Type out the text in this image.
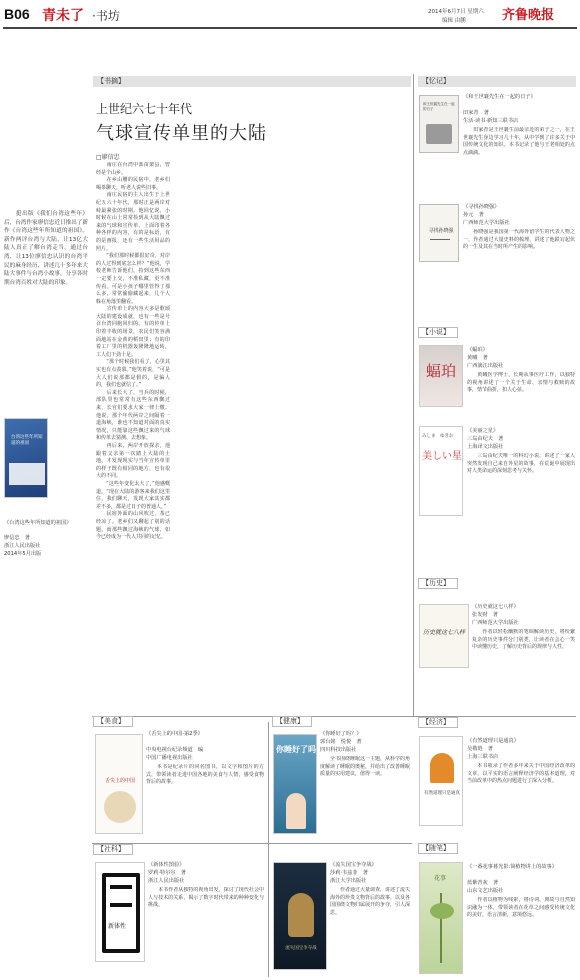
B06 青未了 ·书坊	2014年6月7日 星期六
编辑 由鹏	齐鲁晚报
　　挺出版《我们台湾这些年》后，台湾作家廖信忠近日推出了新作《台湾这些年所知道的祖国》。新作两评台湾与大陆，让13亿大陆人真正了解台湾走当。通过台湾，让13位廖信忠认识的台湾平民的麻身经历，讲述几十多年来大陆大事件与台湾小故事，分享各时期台湾百姓对大陆的印象。
台湾这些年所知道的祖国
《台湾这些年所知道的祖国》
廖信忠　著
浙江人民出版社
2014年5月出版
【书摘】
上世纪六七十年代
气球宣传单里的大陆
□廖信忠

　　南庄在台湾中部苗栗县，曾经是个山乡。

　　在乡山腰的民宿中，老乡们喝茶聊天，听老人说些旧事。

　　南庄民宿的主人出生于上世纪五六十年代，那时正是两岸对峙最紧张的时期。他回忆说，小时候在山上常常捡到从大陆飘过来的气球和宣传单，上面印着各种各样的内容，有的是标语，有的是画报，还有一些生活用品的照片。

　　“我们那时候都很好奇，对岸的人过得到底怎么样？”他说，学校老师告诉他们，捡到这些东西一定要上交，不准私藏，更不准传看。可是小孩子哪里管得了那么多，常常偷偷藏起来，几个人躲在角落里翻看。

　　宣传单上的内容大多是歌颂大陆的建设成就，也有一些是号召台湾同胞回归的。有的传单上印着丰收的场景，农民们笑容满面地站在金黄的稻田里；有的印着工厂里的机器轰隆隆地运转，工人们干劲十足。

　　“那个时候我们看了，心里其实也有点羡慕。”他笑着说，“可是大人们说那都是假的，是骗人的，我们也就信了。”

　　后来长大了，当兵的时候，部队里也常常有这些东西飘过来，长官们要求大家一律上缴。他说，那个年代两岸之间隔着一道海峡，谁也不知道对面的真实情况，只能靠这些飘过来的气球和传单去猜测、去想象。

　　再后来，两岸开放探亲，他跟着父亲第一次踏上大陆的土地，才发现现实与当年宣传单里的样子既有相同的地方，也有很大的不同。

　　“这些年变化太大了，”他感慨道，“现在大陆的游客来我们这里住，我们聊天，发现大家其实都差不多，都是过日子的普通人。”

　　民宿外面的山风吹过，茶已经凉了。老乡们又聊起了别的话题，而那些飘过海峡的气球，如今已经成为一代人共同的记忆。

【忆记】
和王世襄先生在一起的日子
《和王世襄先生在一起的日子》
田家青　著
生活·读书·新知三联书店
　　田家青是王世襄生前最亲近的弟子之一，在王世襄先生身边学习几十年，从中学到了许多关于中国传统文化的知识。本书记录了他与王老相处的点点滴滴。
寻找孙晓强
《寻找孙晓强》
孙元　著
广西师范大学出版社
　　孙晓强是我国第一代海外留学生的代表人物之一，作者通过大量史料的梳理，讲述了他跌宕起伏的一生及其在当时所产生的影响。
【小说】
蝠珀
《蝠珀》
黄曦　著
广西漓江出版社
　　黄曦医学博士，长期从事医疗工作，以独特的视角讲述了一个关于生命、亲情与救赎的故事，情节曲折，扣人心弦。
みしま　ゆきお
美しい星
《美丽之星》
三岛由纪夫　著
上海译文出版社
　　三岛由纪夫唯一的科幻小说，讲述了一家人突然发现自己来自外星的故事，在荒诞中展现出对人类命运的深刻思考与关怀。
【历史】
历史就这七八样
《历史就这七八样》
张发财　著
广西师范大学出版社
　　作者以轻松幽默的笔调解读历史，将纷繁复杂的历史事件分门别类，让读者在会心一笑中读懂历史，了解历史背后的规律与人性。
【经济】
有然道理只是通真
《有然道理只是通真》
吴敬琏　著
上海三联书店
　　本书收录了作者多年来关于中国经济改革的文章，以平实的语言阐释经济学的基本道理，对当前改革中的热点问题进行了深入分析。
【随笔】
花事
《一番花事暮光影:简植物讲上的故事》
蓝紫青灰　著
山东文艺出版社
　　作者以植物为线索，将诗词、典故与自然知识融为一体，带领读者在花草之间感受传统文化的美好，语言清新，意境悠远。
【美食】
舌尖上的中国
《舌尖上的中国·第2季》
中央电视台纪录频道　编
中国广播电视出版社
　　本书是纪录片的同名图书，以文字和图片的方式，带领读者走进中国各地的美食与人情，感受食物背后的故事。
【健康】
你睡好了吗
《你睡好了吗？》
郭台铭　悦悦　著
四川科技出版社
　　全书围绕睡眠这一主题，从科学的角度解读了睡眠的奥秘，并给出了改善睡眠质量的实用建议，值得一读。
【社科】
新体性
《新体性图验》
罗莉·特尔尔　著
浙江人民出版社
　　本书作者从独特的视角出发，探讨了现代社会中人与技术的关系，揭示了数字时代带来的种种变化与挑战。
流失国宝争夺战
《流失国宝争夺战》
莎莉·韦兹菲　著
浙江大学出版社
　　作者通过大量调查，讲述了流失海外的珍贵文物背后的故事，以及各国围绕文物归属展开的争夺，引人深思。
